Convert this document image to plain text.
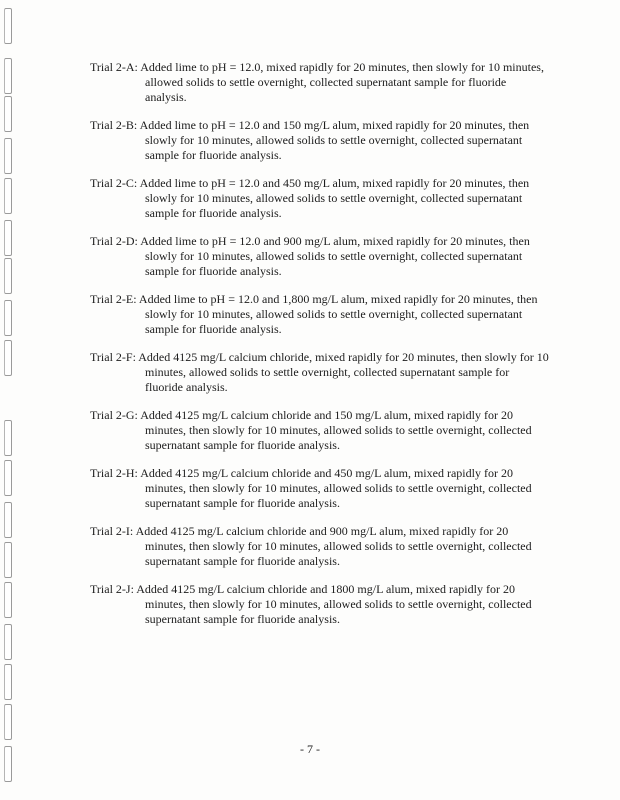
Trial 2-A: Added lime to pH = 12.0, mixed rapidly for 20 minutes, then slowly for 10 minutes, allowed solids to settle overnight, collected supernatant sample for fluoride analysis.

Trial 2-B: Added lime to pH = 12.0 and 150 mg/L alum, mixed rapidly for 20 minutes, then slowly for 10 minutes, allowed solids to settle overnight, collected supernatant sample for fluoride analysis.

Trial 2-C: Added lime to pH = 12.0 and 450 mg/L alum, mixed rapidly for 20 minutes, then slowly for 10 minutes, allowed solids to settle overnight, collected supernatant sample for fluoride analysis.

Trial 2-D: Added lime to pH = 12.0 and 900 mg/L alum, mixed rapidly for 20 minutes, then slowly for 10 minutes, allowed solids to settle overnight, collected supernatant sample for fluoride analysis.

Trial 2-E: Added lime to pH = 12.0 and 1,800 mg/L alum, mixed rapidly for 20 minutes, then slowly for 10 minutes, allowed solids to settle overnight, collected supernatant sample for fluoride analysis.

Trial 2-F: Added 4125 mg/L calcium chloride, mixed rapidly for 20 minutes, then slowly for 10 minutes, allowed solids to settle overnight, collected supernatant sample for fluoride analysis.

Trial 2-G: Added 4125 mg/L calcium chloride and 150 mg/L alum, mixed rapidly for 20 minutes, then slowly for 10 minutes, allowed solids to settle overnight, collected supernatant sample for fluoride analysis.

Trial 2-H: Added 4125 mg/L calcium chloride and 450 mg/L alum, mixed rapidly for 20 minutes, then slowly for 10 minutes, allowed solids to settle overnight, collected supernatant sample for fluoride analysis.

Trial 2-I: Added 4125 mg/L calcium chloride and 900 mg/L alum, mixed rapidly for 20 minutes, then slowly for 10 minutes, allowed solids to settle overnight, collected supernatant sample for fluoride analysis.

Trial 2-J: Added 4125 mg/L calcium chloride and 1800 mg/L alum, mixed rapidly for 20 minutes, then slowly for 10 minutes, allowed solids to settle overnight, collected supernatant sample for fluoride analysis.

- 7 -
